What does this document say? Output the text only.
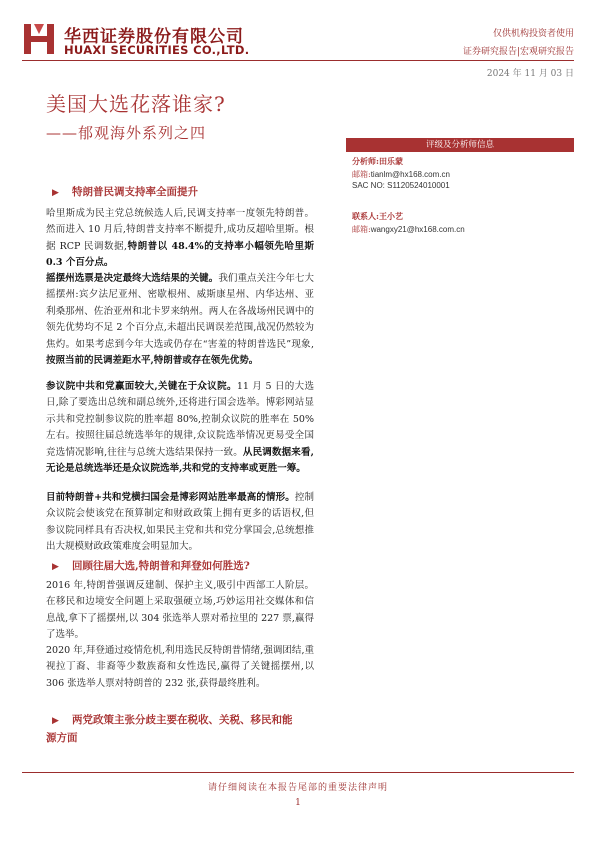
华西证券股份有限公司
HUAXI SECURITIES CO.,LTD.
仅供机构投资者使用
证券研究报告|宏观研究报告
2024 年 11 月 03 日
美国大选花落谁家?
——郁观海外系列之四
评级及分析师信息
分析师:田乐蒙
邮箱:tianlm@hx168.com.cn
SAC NO: S1120524010001
联系人:王小艺
邮箱:wangxy21@hx168.com.cn
▶ 特朗普民调支持率全面提升
哈里斯成为民主党总统候选人后,民调支持率一度领先特朗普。然而进入 10 月后,特朗普支持率不断提升,成功反超哈里斯。根据 RCP 民调数据,特朗普以 48.4%的支持率小幅领先哈里斯 0.3 个百分点。
摇摆州选票是决定最终大选结果的关键。我们重点关注今年七大摇摆州:宾夕法尼亚州、密歇根州、威斯康星州、内华达州、亚利桑那州、佐治亚州和北卡罗来纳州。两人在各战场州民调中的领先优势均不足 2 个百分点,未超出民调误差范围,战况仍然较为焦灼。如果考虑到今年大选或仍存在“害羞的特朗普选民”现象,按照当前的民调差距水平,特朗普或存在领先优势。
参议院中共和党赢面较大,关键在于众议院。11 月 5 日的大选日,除了要选出总统和副总统外,还将进行国会选举。博彩网站显示共和党控制参议院的胜率超 80%,控制众议院的胜率在 50%左右。按照往届总统选举年的规律,众议院选举情况更易受全国竞选情况影响,往往与总统大选结果保持一致。从民调数据来看,无论是总统选举还是众议院选举,共和党的支持率或更胜一筹。
目前特朗普+共和党横扫国会是博彩网站胜率最高的情形。控制众议院会使该党在预算制定和财政政策上拥有更多的话语权,但参议院同样具有否决权,如果民主党和共和党分掌国会,总统想推出大规模财政政策难度会明显加大。
▶ 回顾往届大选,特朗普和拜登如何胜选?
2016 年,特朗普强调反建制、保护主义,吸引中西部工人阶层。在移民和边境安全问题上采取强硬立场,巧妙运用社交媒体和信息战,拿下了摇摆州,以 304 张选举人票对希拉里的 227 票,赢得了选举。
2020 年,拜登通过疫情危机,利用选民反特朗普情绪,强调团结,重视拉丁裔、非裔等少数族裔和女性选民,赢得了关键摇摆州,以 306 张选举人票对特朗普的 232 张,获得最终胜利。
▶ 两党政策主张分歧主要在税收、关税、移民和能
源方面
请仔细阅读在本报告尾部的重要法律声明
1
